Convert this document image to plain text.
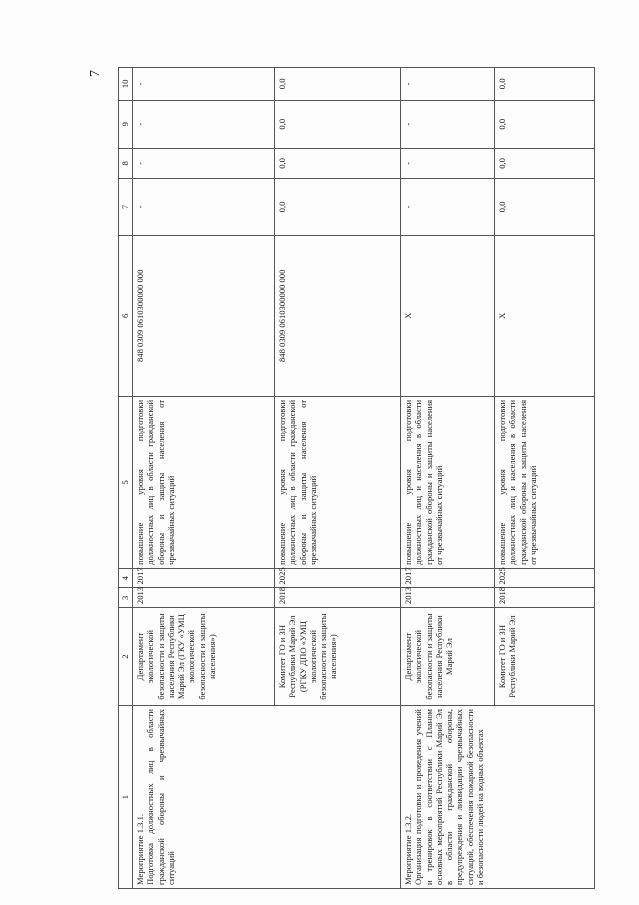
7
1	2	3	4	5	6	7	8	9	10
Мероприятие 1.3.1.
Подготовка должностных лиц в области гражданской обороны и чрезвычайных ситуаций	Департамент экологической безопасности и защиты населения Республики Марий Эл (ГКУ «УМЦ экологической безопасности и защиты населения»)	2013	2017	повышение уровня подготовки должностных лиц в области гражданской обороны и защиты населения от чрезвычайных ситуаций	848 0309 0610300000 000	-	-	-	-
	Комитет ГО и ЗН Республики Марий Эл (РГКУ ДПО «УМЦ экологической безопасности и защиты населения»)	2018	2025	повышение уровня подготовки должностных лиц в области гражданской обороны и защиты населения от чрезвычайных ситуаций	848 0309 0610300000 000	0,0	0,0	0,0	0,0
Мероприятие 1.3.2.
Организация подготовки и проведения учений и тренировок в соответствии с Планом основных мероприятий Республики Марий Эл в области гражданской обороны, предупреждения и ликвидации чрезвычайных ситуаций, обеспечения пожарной безопасности и безопасности людей на водных объектах	Департамент экологической безопасности и защиты населения Республики Марий Эл	2013	2017	повышение уровня подготовки должностных лиц и населения в области гражданской обороны и защиты населения от чрезвычайных ситуаций	Х	-	-	-	-
	Комитет ГО и ЗН Республики Марий Эл	2018	2025	повышение уровня подготовки должностных лиц и населения в области гражданской обороны и защиты населения от чрезвычайных ситуаций	Х	0,0	0,0	0,0	0,0
